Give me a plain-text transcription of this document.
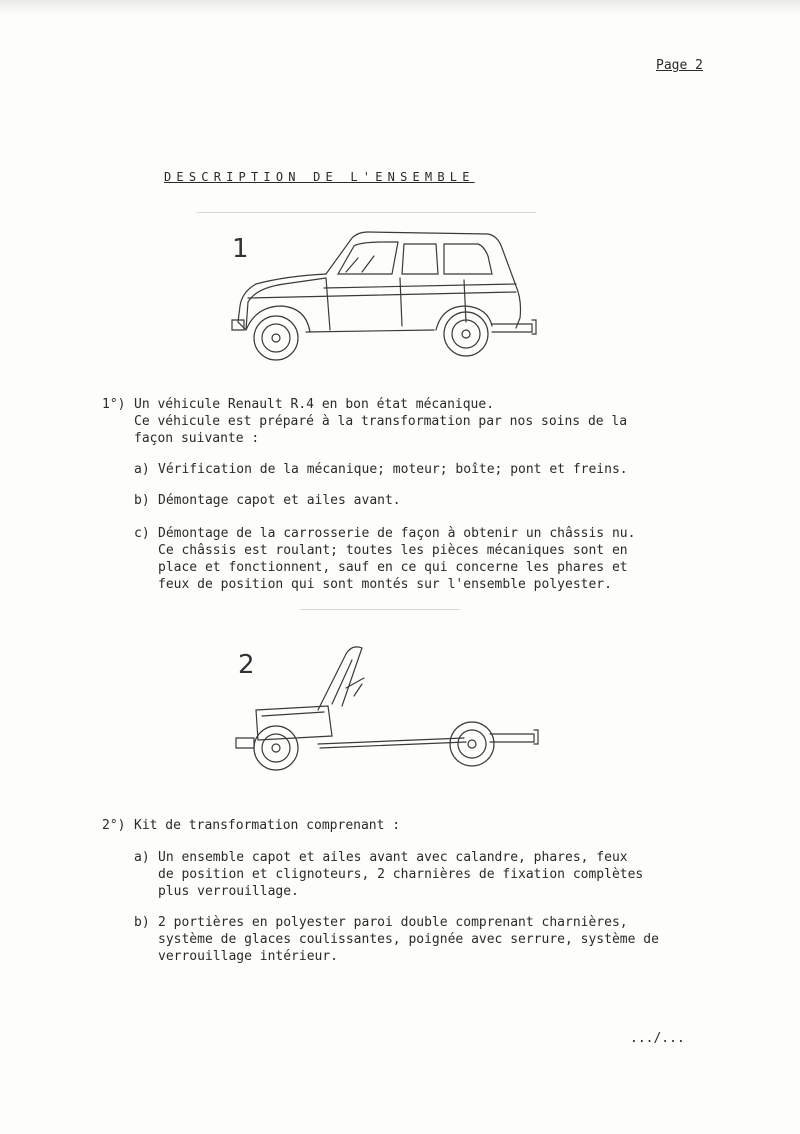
Page 2
DESCRIPTION DE L'ENSEMBLE
1
1°) Un véhicule Renault R.4 en bon état mécanique.
Ce véhicule est préparé à la transformation par nos soins de la
façon suivante :
a) Vérification de la mécanique; moteur; boîte; pont et freins.
b) Démontage capot et ailes avant.
c) Démontage de la carrosserie de façon à obtenir un châssis nu.
Ce châssis est roulant; toutes les pièces mécaniques sont en
place et fonctionnent, sauf en ce qui concerne les phares et
feux de position qui sont montés sur l'ensemble polyester.
2
2°) Kit de transformation comprenant :
a) Un ensemble capot et ailes avant avec calandre, phares, feux
de position et clignoteurs, 2 charnières de fixation complètes
plus verrouillage.
b) 2 portières en polyester paroi double comprenant charnières,
système de glaces coulissantes, poignée avec serrure, système de
verrouillage intérieur.
.../...
